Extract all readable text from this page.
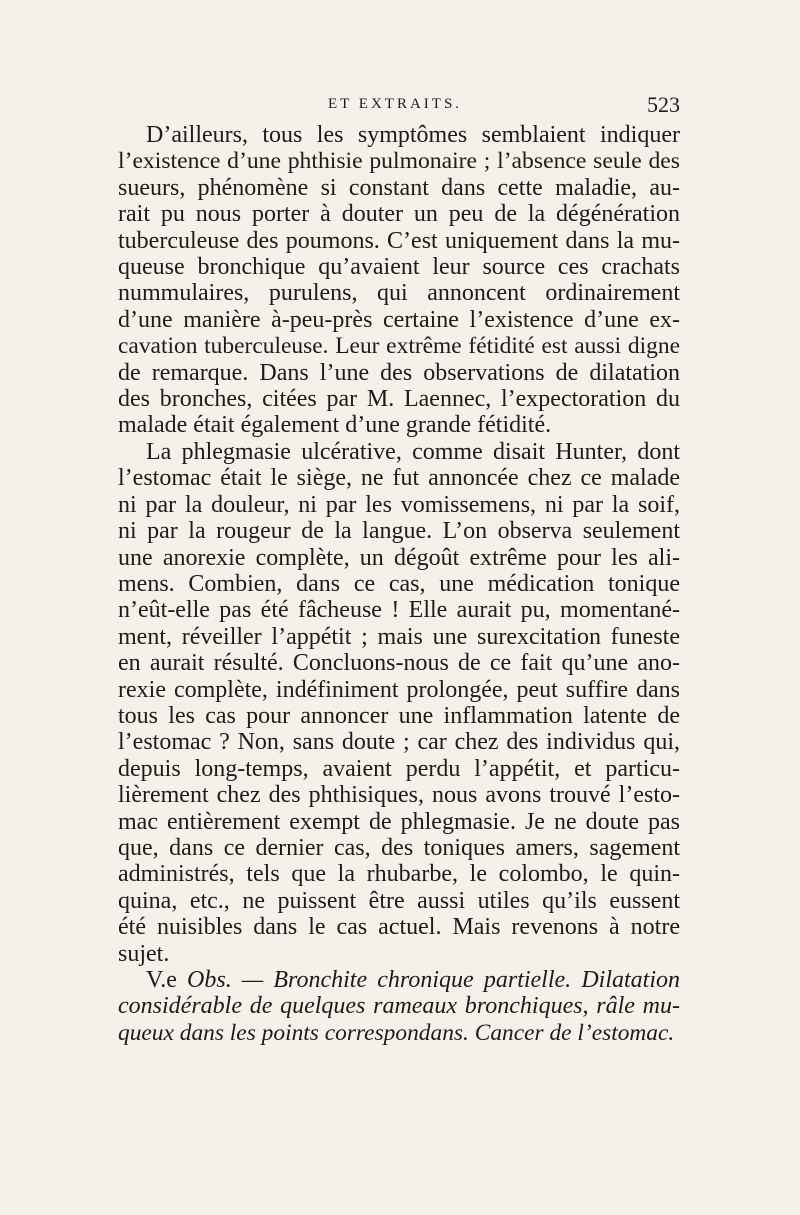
ET EXTRAITS.	523

D’ailleurs, tous les symptômes semblaient indiquer
l’existence d’une phthisie pulmonaire ; l’absence seule des
sueurs, phénomène si constant dans cette maladie, au-
rait pu nous porter à douter un peu de la dégénération
tuberculeuse des poumons. C’est uniquement dans la mu-
queuse bronchique qu’avaient leur source ces crachats
nummulaires, purulens, qui annoncent ordinairement
d’une manière à-peu-près certaine l’existence d’une ex-
cavation tuberculeuse. Leur extrême fétidité est aussi digne
de remarque. Dans l’une des observations de dilatation
des bronches, citées par M. Laennec, l’expectoration du
malade était également d’une grande fétidité.

La phlegmasie ulcérative, comme disait Hunter, dont
l’estomac était le siège, ne fut annoncée chez ce malade
ni par la douleur, ni par les vomissemens, ni par la soif,
ni par la rougeur de la langue. L’on observa seulement
une anorexie complète, un dégoût extrême pour les ali-
mens. Combien, dans ce cas, une médication tonique
n’eût-elle pas été fâcheuse ! Elle aurait pu, momentané-
ment, réveiller l’appétit ; mais une surexcitation funeste
en aurait résulté. Concluons-nous de ce fait qu’une ano-
rexie complète, indéfiniment prolongée, peut suffire dans
tous les cas pour annoncer une inflammation latente de
l’estomac ? Non, sans doute ; car chez des individus qui,
depuis long-temps, avaient perdu l’appétit, et particu-
lièrement chez des phthisiques, nous avons trouvé l’esto-
mac entièrement exempt de phlegmasie. Je ne doute pas
que, dans ce dernier cas, des toniques amers, sagement
administrés, tels que la rhubarbe, le colombo, le quin-
quina, etc., ne puissent être aussi utiles qu’ils eussent
été nuisibles dans le cas actuel. Mais revenons à notre
sujet.

V.e Obs. — Bronchite chronique partielle. Dilatation
considérable de quelques rameaux bronchiques, râle mu-
queux dans les points correspondans. Cancer de l’estomac.
